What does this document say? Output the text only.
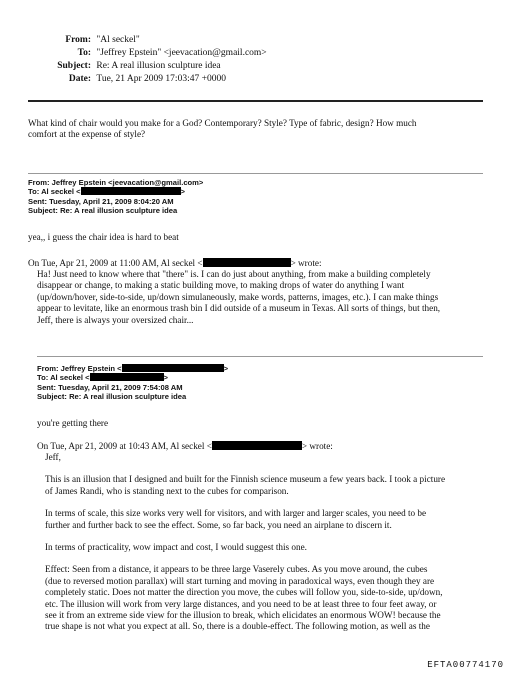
From: "Al seckel"
To: "Jeffrey Epstein" <jeevacation@gmail.com>
Subject: Re: A real illusion sculpture idea
Date: Tue, 21 Apr 2009 17:03:47 +0000
What kind of chair would you make for a God? Contemporary? Style? Type of fabric, design? How much
comfort at the expense of style?
From: Jeffrey Epstein <jeevacation@gmail.com>
To: Al seckel <	>
Sent: Tuesday, April 21, 2009 8:04:20 AM
Subject: Re: A real illusion sculpture idea
yea,, i guess the chair idea is hard to beat
On Tue, Apr 21, 2009 at 11:00 AM, Al seckel <	> wrote:
Ha! Just need to know where that "there" is. I can do just about anything, from make a building completely
disappear or change, to making a static building move, to making drops of water do anything I want
(up/down/hover, side-to-side, up/down simulaneously, make words, patterns, images, etc.). I can make things
appear to levitate, like an enormous trash bin I did outside of a museum in Texas. All sorts of things, but then,
Jeff, there is always your oversized chair...
From: Jeffrey Epstein <	>
To: Al seckel <	>
Sent: Tuesday, April 21, 2009 7:54:08 AM
Subject: Re: A real illusion sculpture idea
you're getting there
On Tue, Apr 21, 2009 at 10:43 AM, Al seckel <	> wrote:
Jeff,
This is an illusion that I designed and built for the Finnish science museum a few years back. I took a picture
of James Randi, who is standing next to the cubes for comparison.
In terms of scale, this size works very well for visitors, and with larger and larger scales, you need to be
further and further back to see the effect. Some, so far back, you need an airplane to discern it.
In terms of practicality, wow impact and cost, I would suggest this one.
Effect: Seen from a distance, it appears to be three large Vaserely cubes. As you move around, the cubes
(due to reversed motion parallax) will start turning and moving in paradoxical ways, even though they are
completely static. Does not matter the direction you move, the cubes will follow you, side-to-side, up/down,
etc. The illusion will work from very large distances, and you need to be at least three to four feet away, or
see it from an extreme side view for the illusion to break, which elicidates an enormous WOW! because the
true shape is not what you expect at all. So, there is a double-effect. The following motion, as well as the
EFTA00774170
